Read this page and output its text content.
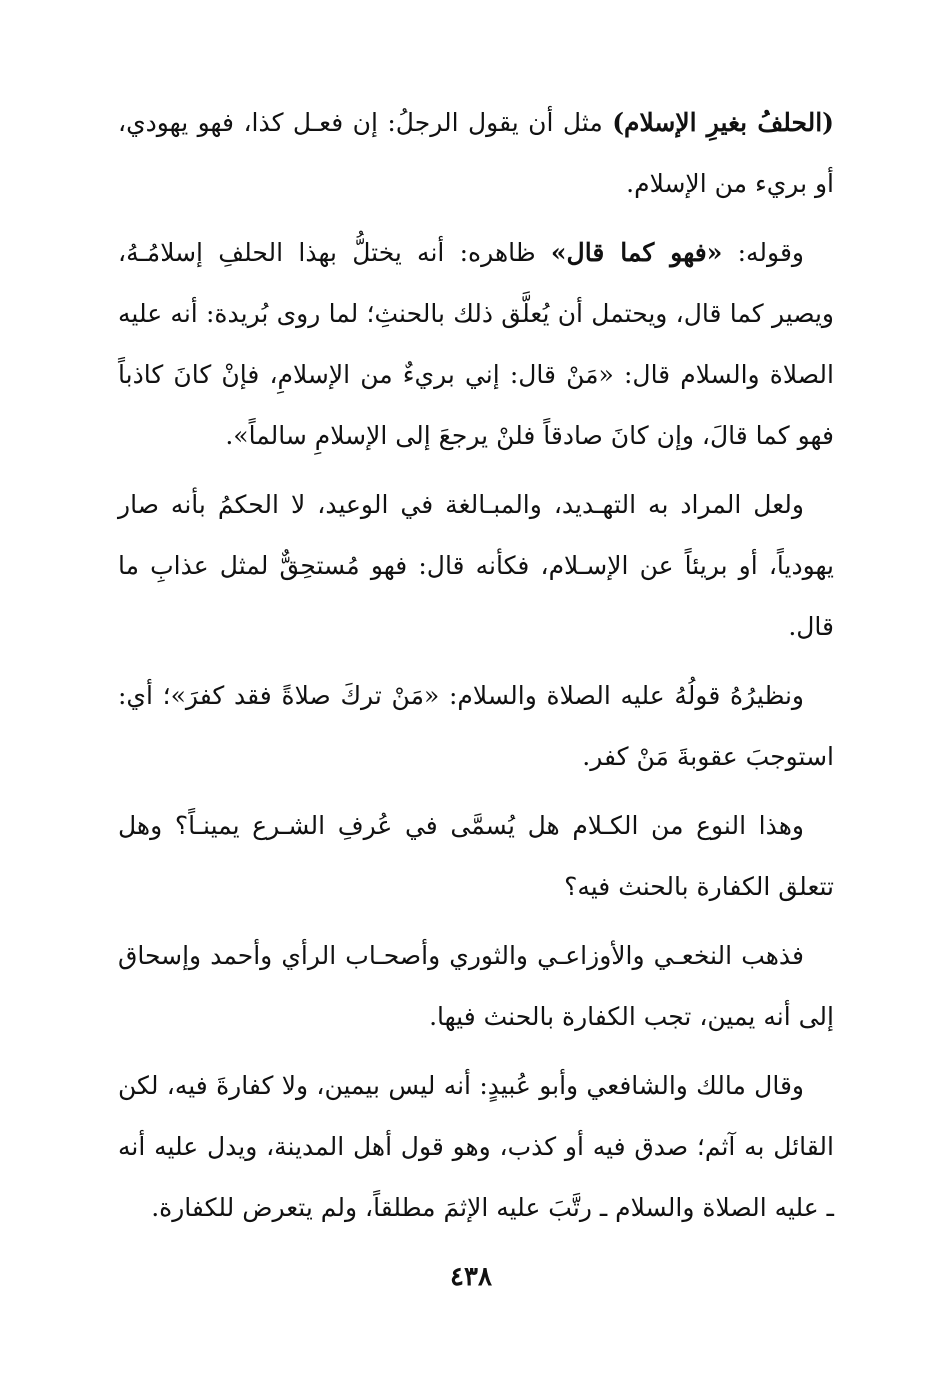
(الحلفُ بغيرِ الإسلام) مثل أن يقول الرجلُ: إن فعـل كذا، فهو يهودي، أو بريء من الإسلام.

وقوله: «فهو كما قال» ظاهره: أنه يختلُّ بهذا الحلفِ إسلامُـهُ، ويصير كما قال، ويحتمل أن يُعلَّق ذلك بالحنثِ؛ لما روى بُريدة: أنه عليه الصلاة والسلام قال: «مَنْ قال: إني بريءٌ من الإسلامِ، فإنْ كانَ كاذباً فهو كما قالَ، وإن كانَ صادقاً فلنْ يرجعَ إلى الإسلامِ سالماً».

ولعل المراد به التهـديد، والمبـالغة في الوعيد، لا الحكمُ بأنه صار يهودياً، أو بريئاً عن الإسـلام، فكأنه قال: فهو مُستحِقٌّ لمثل عذابِ ما قال.

ونظيرُهُ قولُهُ عليه الصلاة والسلام: «مَنْ تركَ صلاةً فقد كفرَ»؛ أي: استوجبَ عقوبةَ مَنْ كفر.

وهذا النوع من الكـلام هل يُسمَّى في عُرفِ الشـرع يمينـاً؟ وهل تتعلق الكفارة بالحنث فيه؟

فذهب النخعـي والأوزاعـي والثوري وأصحـاب الرأي وأحمد وإسحاق إلى أنه يمين، تجب الكفارة بالحنث فيها.

وقال مالك والشافعي وأبو عُبيدٍ: أنه ليس بيمين، ولا كفارةَ فيه، لكن القائل به آثم؛ صدق فيه أو كذب، وهو قول أهل المدينة، ويدل عليه أنه ـ عليه الصلاة والسلام ـ رتَّبَ عليه الإثمَ مطلقاً، ولم يتعرض للكفارة.

٤٣٨
